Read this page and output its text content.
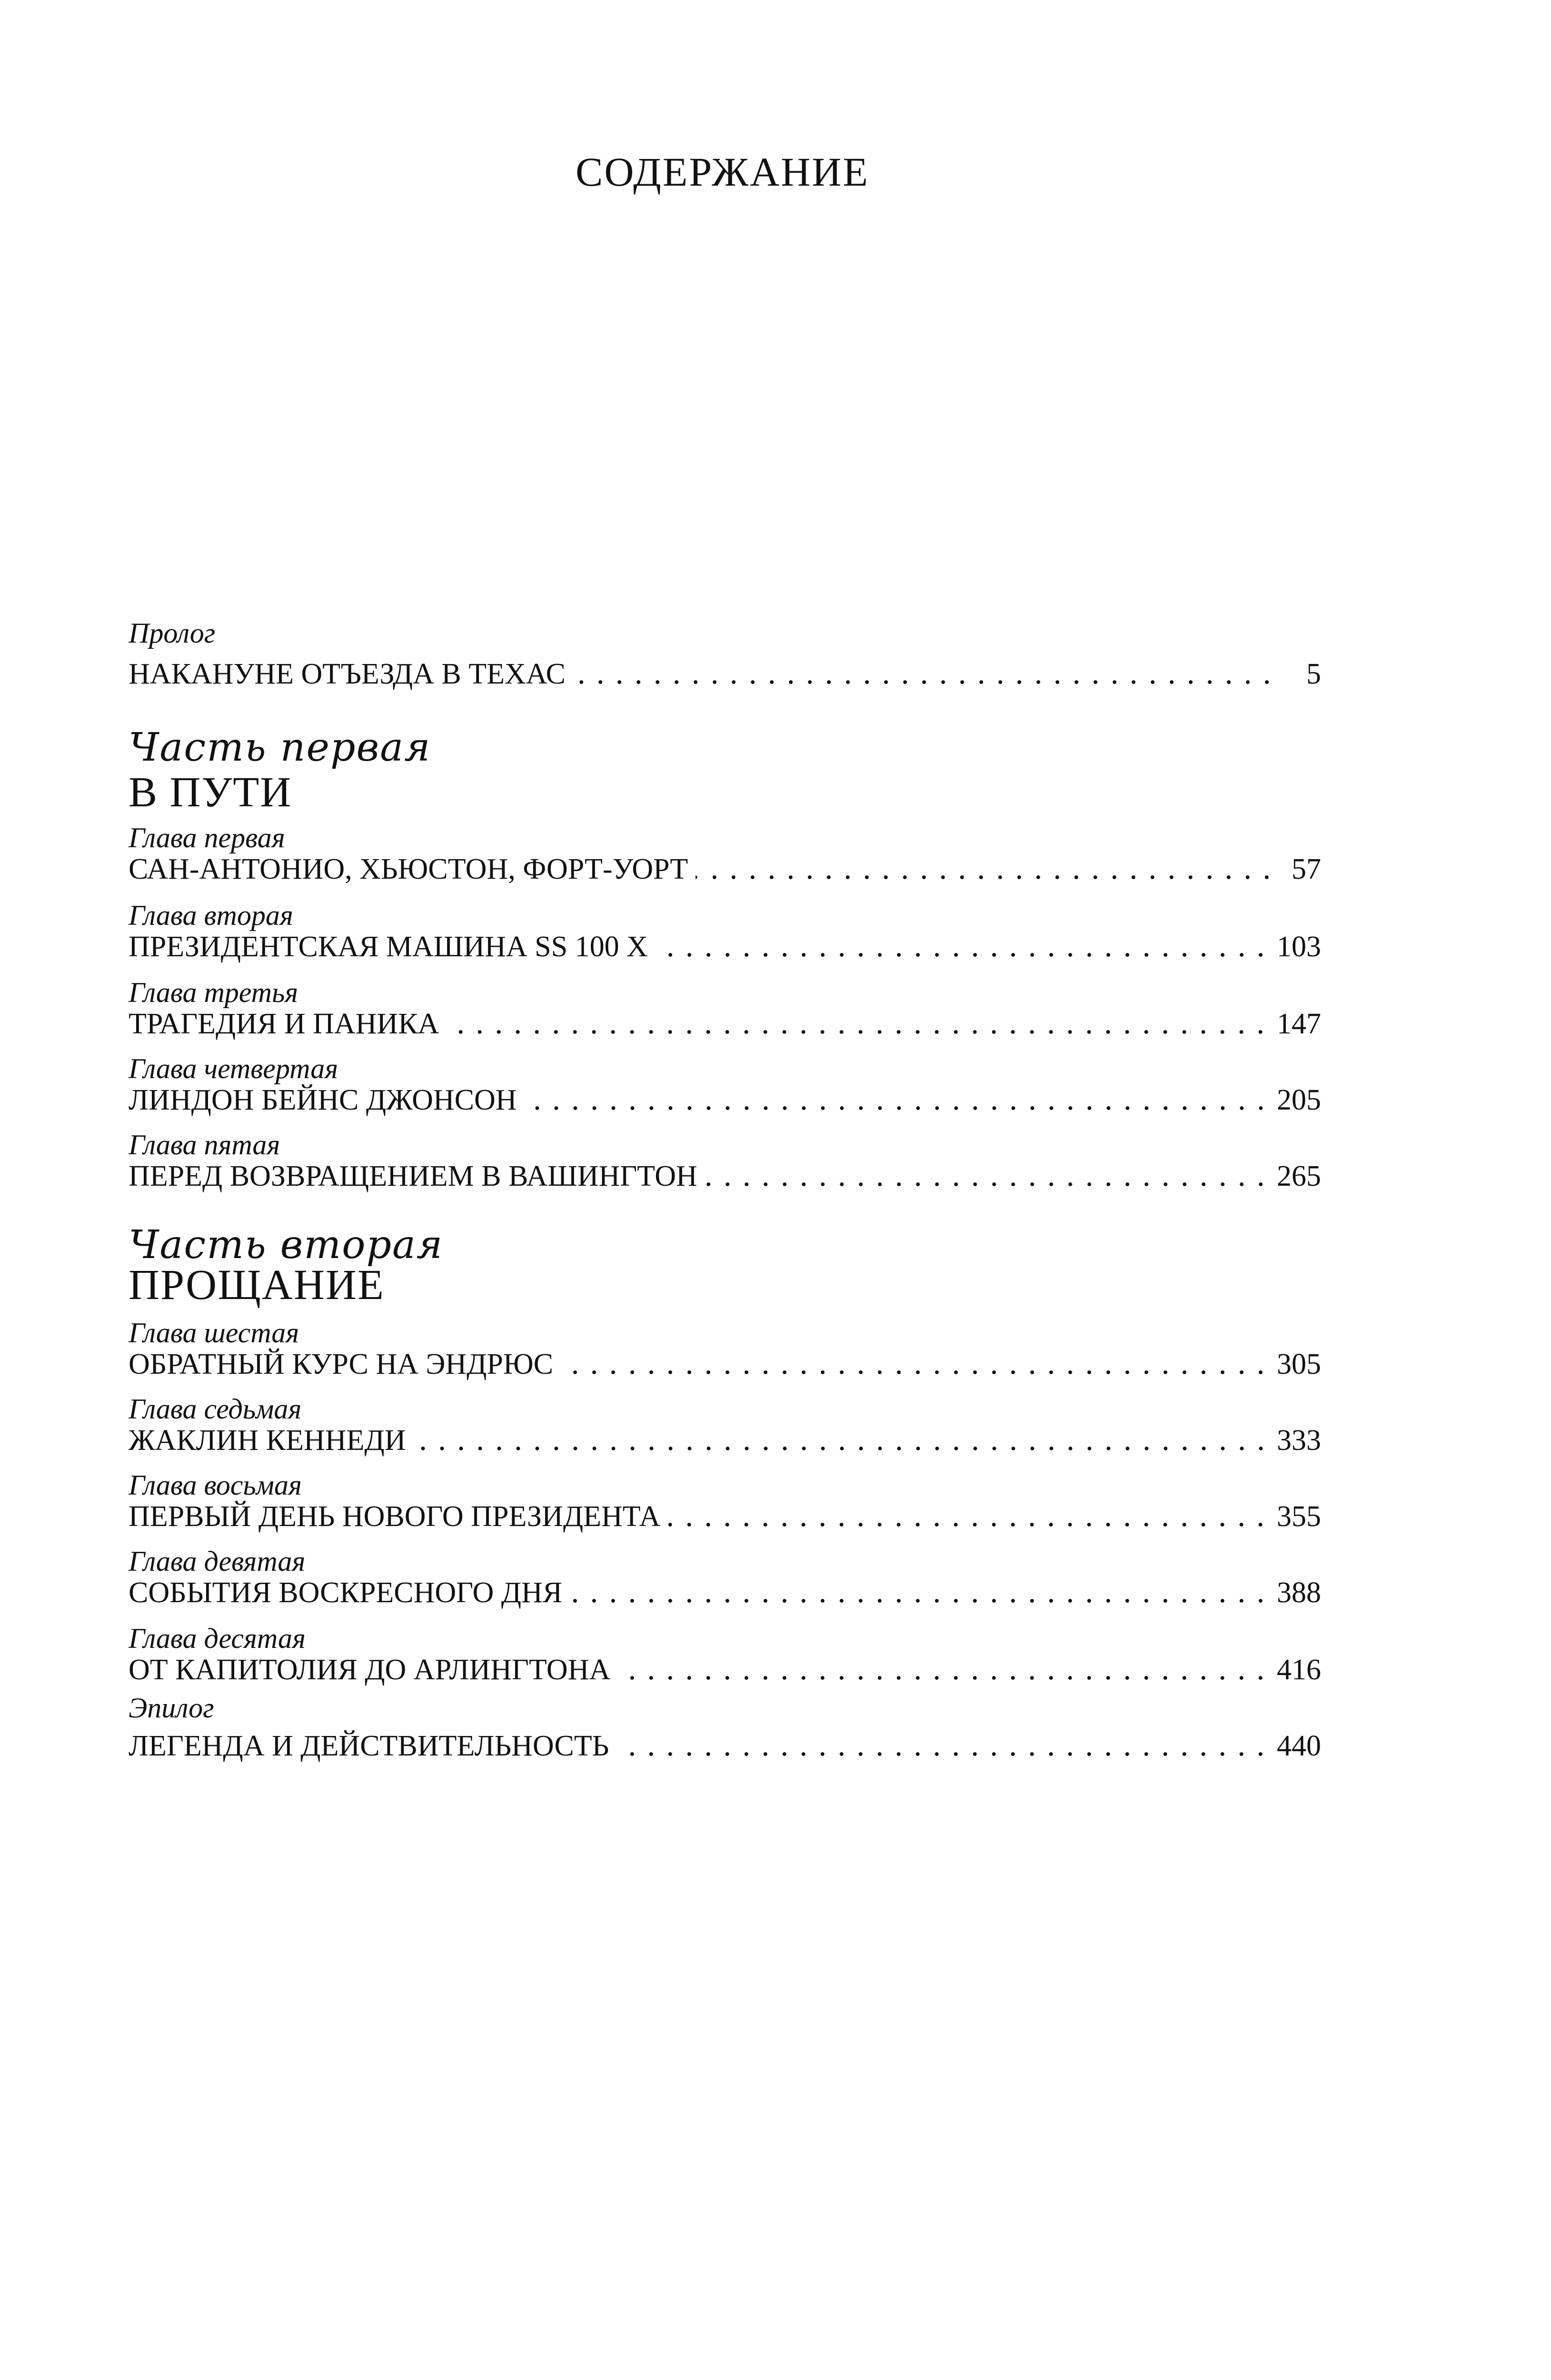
СОДЕРЖАНИЕ
Пролог
НАКАНУНЕ ОТЪЕЗДА В ТЕХАС	5
Часть первая
В ПУТИ
Глава первая
САН-АНТОНИО, ХЬЮСТОН, ФОРТ-УОРТ	57
Глава вторая
ПРЕЗИДЕНТСКАЯ МАШИНА SS 100 X	103
Глава третья
ТРАГЕДИЯ И ПАНИКА	147
Глава четвертая
ЛИНДОН БЕЙНС ДЖОНСОН	205
Глава пятая
ПЕРЕД ВОЗВРАЩЕНИЕМ В ВАШИНГТОН	265
Часть вторая
ПРОЩАНИЕ
Глава шестая
ОБРАТНЫЙ КУРС НА ЭНДРЮС	305
Глава седьмая
ЖАКЛИН КЕННЕДИ	333
Глава восьмая
ПЕРВЫЙ ДЕНЬ НОВОГО ПРЕЗИДЕНТА	355
Глава девятая
СОБЫТИЯ ВОСКРЕСНОГО ДНЯ	388
Глава десятая
ОТ КАПИТОЛИЯ ДО АРЛИНГТОНА	416
Эпилог
ЛЕГЕНДА И ДЕЙСТВИТЕЛЬНОСТЬ	440
